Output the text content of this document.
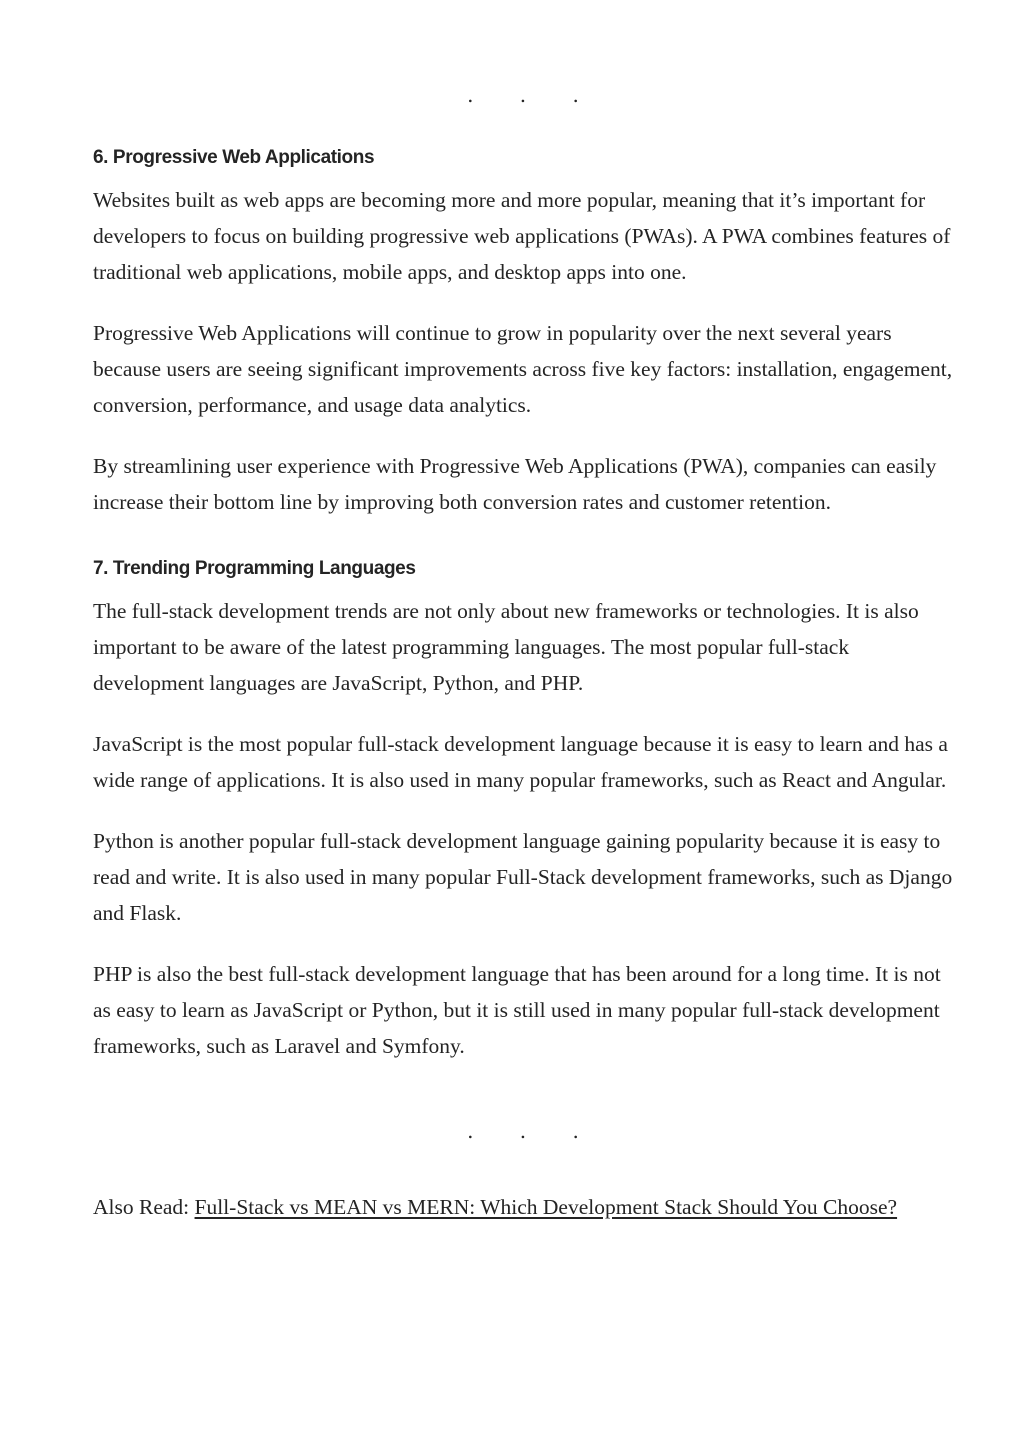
. . .
6. Progressive Web Applications

Websites built as web apps are becoming more and more popular, meaning that it’s important for developers to focus on building progressive web applications (PWAs). A PWA combines features of traditional web applications, mobile apps, and desktop apps into one.

Progressive Web Applications will continue to grow in popularity over the next several years because users are seeing significant improvements across five key factors: installation, engagement, conversion, performance, and usage data analytics.

By streamlining user experience with Progressive Web Applications (PWA), companies can easily increase their bottom line by improving both conversion rates and customer retention.

7. Trending Programming Languages

The full-stack development trends are not only about new frameworks or technologies. It is also important to be aware of the latest programming languages. The most popular full-stack development languages are JavaScript, Python, and PHP.

JavaScript is the most popular full-stack development language because it is easy to learn and has a wide range of applications. It is also used in many popular frameworks, such as React and Angular.

Python is another popular full-stack development language gaining popularity because it is easy to read and write. It is also used in many popular Full-Stack development frameworks, such as Django and Flask.

PHP is also the best full-stack development language that has been around for a long time. It is not as easy to learn as JavaScript or Python, but it is still used in many popular full-stack development frameworks, such as Laravel and Symfony.

. . .

Also Read: Full-Stack vs MEAN vs MERN: Which Development Stack Should You Choose?
